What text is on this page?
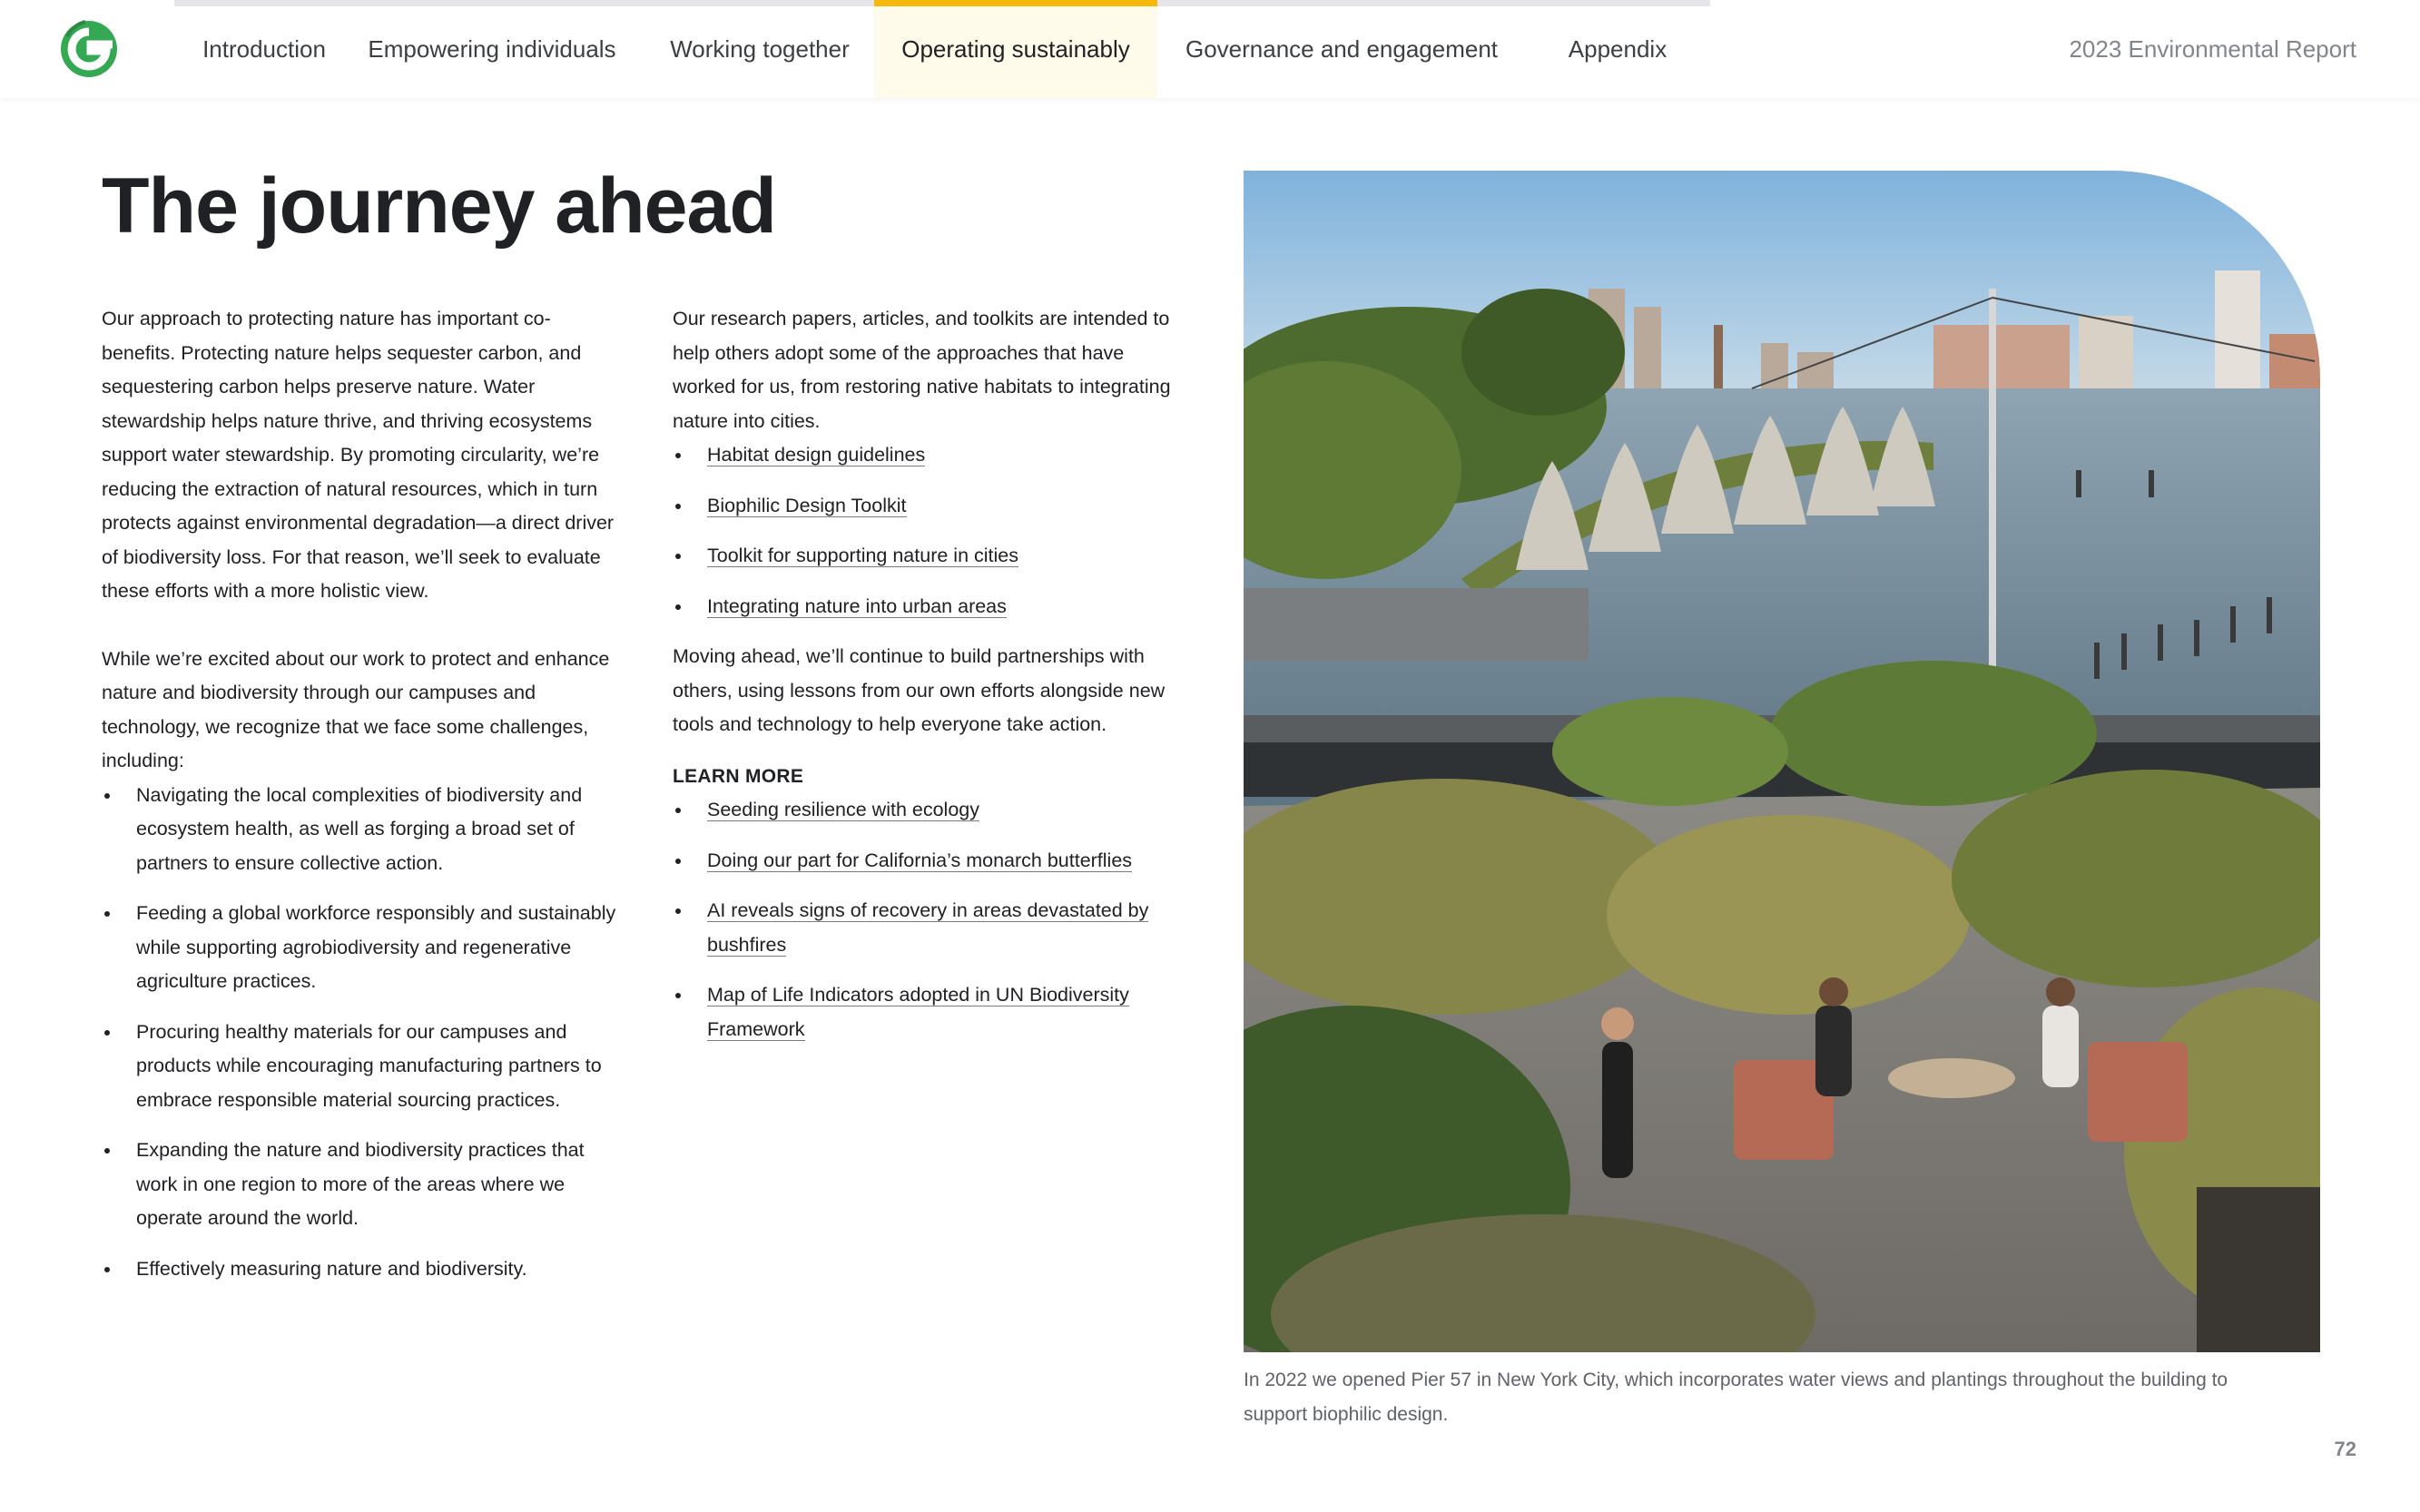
Introduction	Empowering individuals	Working together	Operating sustainably	Governance and engagement	Appendix	2023 Environmental Report
The journey ahead

Our approach to protecting nature has important co-benefits. Protecting nature helps sequester carbon, and sequestering carbon helps preserve nature. Water stewardship helps nature thrive, and thriving ecosystems support water stewardship. By promoting circularity, we’re reducing the extraction of natural resources, which in turn protects against environmental degradation—a direct driver of biodiversity loss. For that reason, we’ll seek to evaluate these efforts with a more holistic view.

While we’re excited about our work to protect and enhance nature and biodiversity through our campuses and technology, we recognize that we face some challenges, including:

Navigating the local complexities of biodiversity and ecosystem health, as well as forging a broad set of partners to ensure collective action.
Feeding a global workforce responsibly and sustainably while supporting agrobiodiversity and regenerative agriculture practices.
Procuring healthy materials for our campuses and products while encouraging manufacturing partners to embrace responsible material sourcing practices.
Expanding the nature and biodiversity practices that work in one region to more of the areas where we operate around the world.
Effectively measuring nature and biodiversity.

Our research papers, articles, and toolkits are intended to help others adopt some of the approaches that have worked for us, from restoring native habitats to integrating nature into cities.

Habitat design guidelines
Biophilic Design Toolkit
Toolkit for supporting nature in cities
Integrating nature into urban areas

Moving ahead, we’ll continue to build partnerships with others, using lessons from our own efforts alongside new tools and technology to help everyone take action.

LEARN MORE

Seeding resilience with ecology
Doing our part for California’s monarch butterflies
AI reveals signs of recovery in areas devastated by bushfires
Map of Life Indicators adopted in UN Biodiversity Framework

In 2022 we opened Pier 57 in New York City, which incorporates water views and plantings throughout the building to support biophilic design.

72
